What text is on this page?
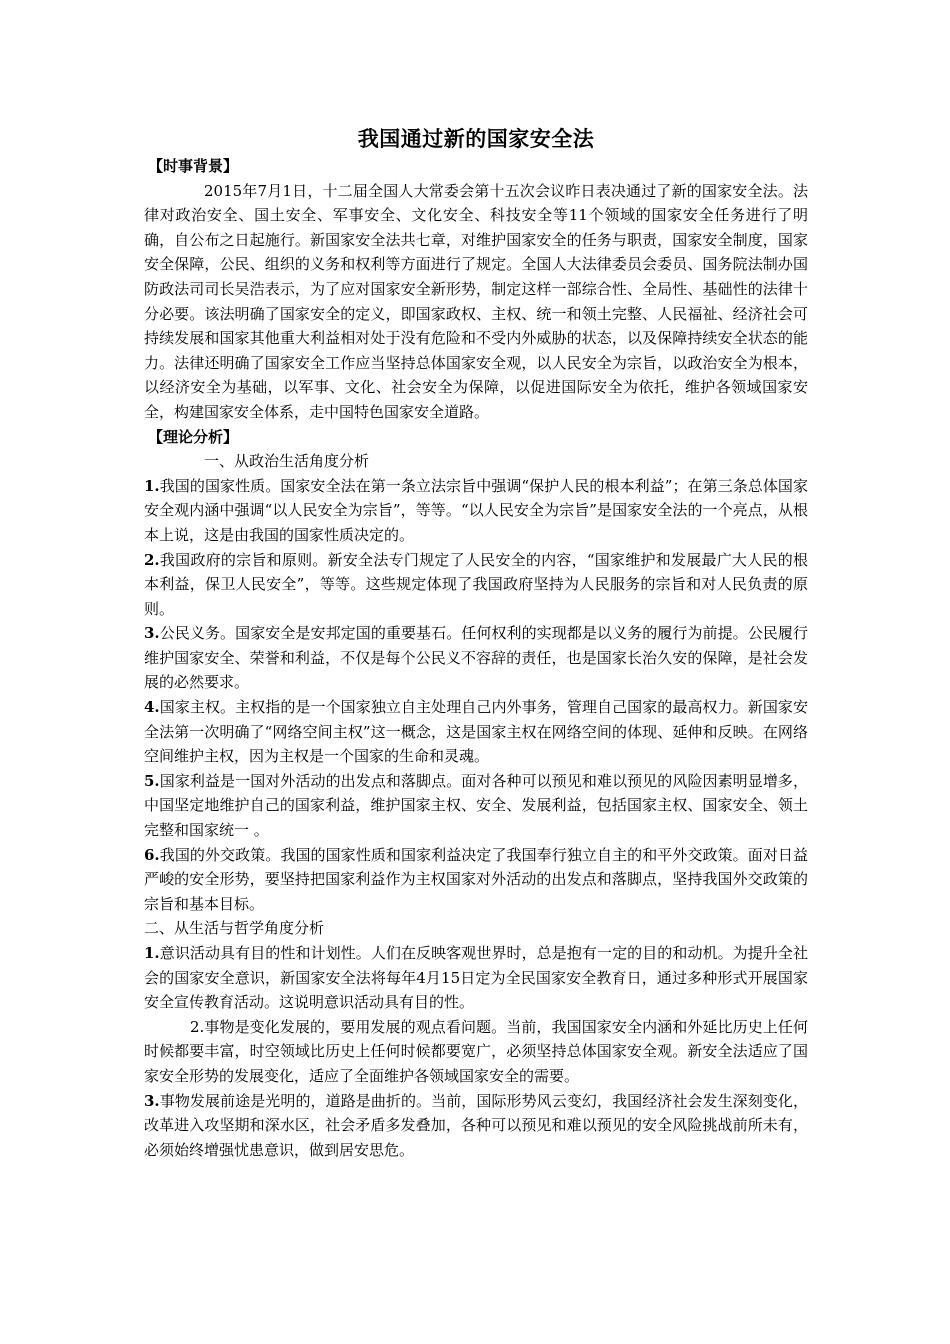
我国通过新的国家安全法

【时事背景】

2015年7月1日，十二届全国人大常委会第十五次会议昨日表决通过了新的国家安全法。法律对政治安全、国土安全、军事安全、文化安全、科技安全等11个领域的国家安全任务进行了明确，自公布之日起施行。新国家安全法共七章，对维护国家安全的任务与职责，国家安全制度，国家安全保障，公民、组织的义务和权利等方面进行了规定。全国人大法律委员会委员、国务院法制办国防政法司司长吴浩表示，为了应对国家安全新形势，制定这样一部综合性、全局性、基础性的法律十分必要。该法明确了国家安全的定义，即国家政权、主权、统一和领土完整、人民福祉、经济社会可持续发展和国家其他重大利益相对处于没有危险和不受内外威胁的状态，以及保障持续安全状态的能力。法律还明确了国家安全工作应当坚持总体国家安全观，以人民安全为宗旨，以政治安全为根本，以经济安全为基础，以军事、文化、社会安全为保障，以促进国际安全为依托，维护各领域国家安全，构建国家安全体系，走中国特色国家安全道路。

【理论分析】

一、从政治生活角度分析

1.我国的国家性质。国家安全法在第一条立法宗旨中强调“保护人民的根本利益”；在第三条总体国家安全观内涵中强调“以人民安全为宗旨”，等等。“以人民安全为宗旨”是国家安全法的一个亮点，从根本上说，这是由我国的国家性质决定的。

2.我国政府的宗旨和原则。新安全法专门规定了人民安全的内容，“国家维护和发展最广大人民的根本利益，保卫人民安全”，等等。这些规定体现了我国政府坚持为人民服务的宗旨和对人民负责的原则。

3.公民义务。国家安全是安邦定国的重要基石。任何权利的实现都是以义务的履行为前提。公民履行维护国家安全、荣誉和利益，不仅是每个公民义不容辞的责任，也是国家长治久安的保障，是社会发展的必然要求。

4.国家主权。主权指的是一个国家独立自主处理自己内外事务，管理自己国家的最高权力。新国家安全法第一次明确了“网络空间主权”这一概念，这是国家主权在网络空间的体现、延伸和反映。在网络空间维护主权，因为主权是一个国家的生命和灵魂。

5.国家利益是一国对外活动的出发点和落脚点。面对各种可以预见和难以预见的风险因素明显增多，中国坚定地维护自己的国家利益，维护国家主权、安全、发展利益，包括国家主权、国家安全、领土完整和国家统一 。

6.我国的外交政策。我国的国家性质和国家利益决定了我国奉行独立自主的和平外交政策。面对日益严峻的安全形势，要坚持把国家利益作为主权国家对外活动的出发点和落脚点，坚持我国外交政策的宗旨和基本目标。

二、从生活与哲学角度分析

1.意识活动具有目的性和计划性。人们在反映客观世界时，总是抱有一定的目的和动机。为提升全社会的国家安全意识，新国家安全法将每年4月15日定为全民国家安全教育日，通过多种形式开展国家安全宣传教育活动。这说明意识活动具有目的性。

2.事物是变化发展的，要用发展的观点看问题。当前，我国国家安全内涵和外延比历史上任何时候都要丰富，时空领域比历史上任何时候都要宽广，必须坚持总体国家安全观。新安全法适应了国家安全形势的发展变化，适应了全面维护各领域国家安全的需要。

3.事物发展前途是光明的，道路是曲折的。当前，国际形势风云变幻，我国经济社会发生深刻变化，改革进入攻坚期和深水区，社会矛盾多发叠加，各种可以预见和难以预见的安全风险挑战前所未有，必须始终增强忧患意识，做到居安思危。
